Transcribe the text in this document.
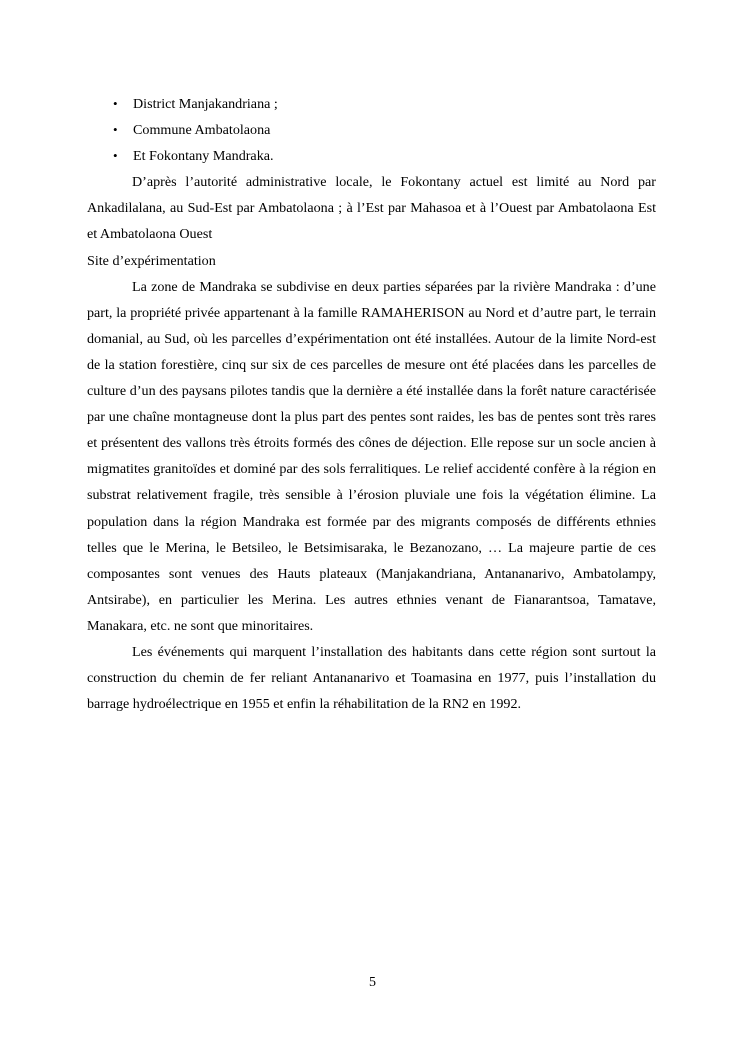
• District Manjakandriana ;
• Commune Ambatolaona
• Et Fokontany Mandraka.

D’après l’autorité administrative locale, le Fokontany actuel est limité au Nord par Ankadilalana, au Sud-Est par Ambatolaona ; à l’Est par Mahasoa et à l’Ouest par Ambatolaona Est et Ambatolaona Ouest

Site d’expérimentation

La zone de Mandraka se subdivise en deux parties séparées par la rivière Mandraka : d’une part, la propriété privée appartenant à la famille RAMAHERISON au Nord et d’autre part, le terrain domanial, au Sud, où les parcelles d’expérimentation ont été installées. Autour de la limite Nord-est de la station forestière, cinq sur six de ces parcelles de mesure ont été placées dans les parcelles de culture d’un des paysans pilotes tandis que la dernière a été installée dans la forêt nature caractérisée par une chaîne montagneuse dont la plus part des pentes sont raides, les bas de pentes sont très rares et présentent des vallons très étroits formés des cônes de déjection. Elle repose sur un socle ancien à migmatites granitoïdes et dominé par des sols ferralitiques. Le relief accidenté confère à la région en substrat relativement fragile, très sensible à l’érosion pluviale une fois la végétation élimine. La population dans la région Mandraka est formée par des migrants composés de différents ethnies telles que le Merina, le Betsileo, le Betsimisaraka, le Bezanozano, … La majeure partie de ces composantes sont venues des Hauts plateaux (Manjakandriana, Antananarivo, Ambatolampy, Antsirabe), en particulier les Merina. Les autres ethnies venant de Fianarantsoa, Tamatave, Manakara, etc. ne sont que minoritaires.

Les événements qui marquent l’installation des habitants dans cette région sont surtout la construction du chemin de fer reliant Antananarivo et Toamasina en 1977, puis l’installation du barrage hydroélectrique en 1955 et enfin la réhabilitation de la RN2 en 1992.

5
